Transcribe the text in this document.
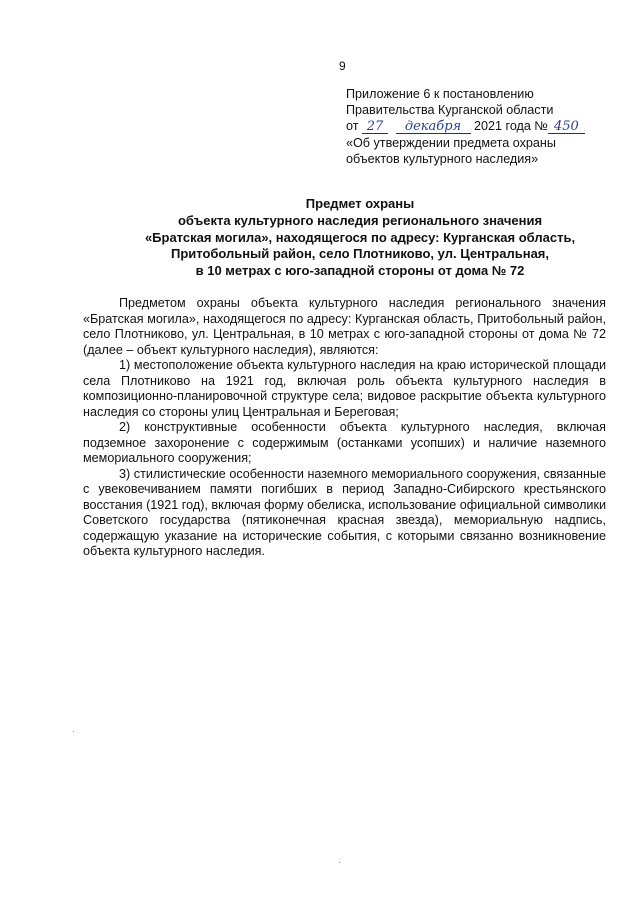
9
Приложение 6 к постановлению
Правительства Курганской области
от 27 декабря 2021 года № 450
«Об утверждении предмета охраны
объектов культурного наследия»
Предмет охраны
объекта культурного наследия регионального значения
«Братская могила», находящегося по адресу: Курганская область,
Притобольный район, село Плотниково, ул. Центральная,
в 10 метрах с юго-западной стороны от дома № 72

Предметом охраны объекта культурного наследия регионального значения «Братская могила», находящегося по адресу: Курганская область, Притобольный район, село Плотниково, ул. Центральная, в 10 метрах с юго-западной стороны от дома № 72 (далее – объект культурного наследия), являются:

1) местоположение объекта культурного наследия на краю исторической площади села Плотниково на 1921 год, включая роль объекта культурного наследия в композиционно-планировочной структуре села; видовое раскрытие объекта культурного наследия со стороны улиц Центральная и Береговая;

2) конструктивные особенности объекта культурного наследия, включая подземное захоронение с содержимым (останками усопших) и наличие наземного мемориального сооружения;

3) стилистические особенности наземного мемориального сооружения, связанные с увековечиванием памяти погибших в период Западно-Сибирского крестьянского восстания (1921 год), включая форму обелиска, использование официальной символики Советского государства (пятиконечная красная звезда), мемориальную надпись, содержащую указание на исторические события, с которыми связанно возникновение объекта культурного наследия.

·
·
